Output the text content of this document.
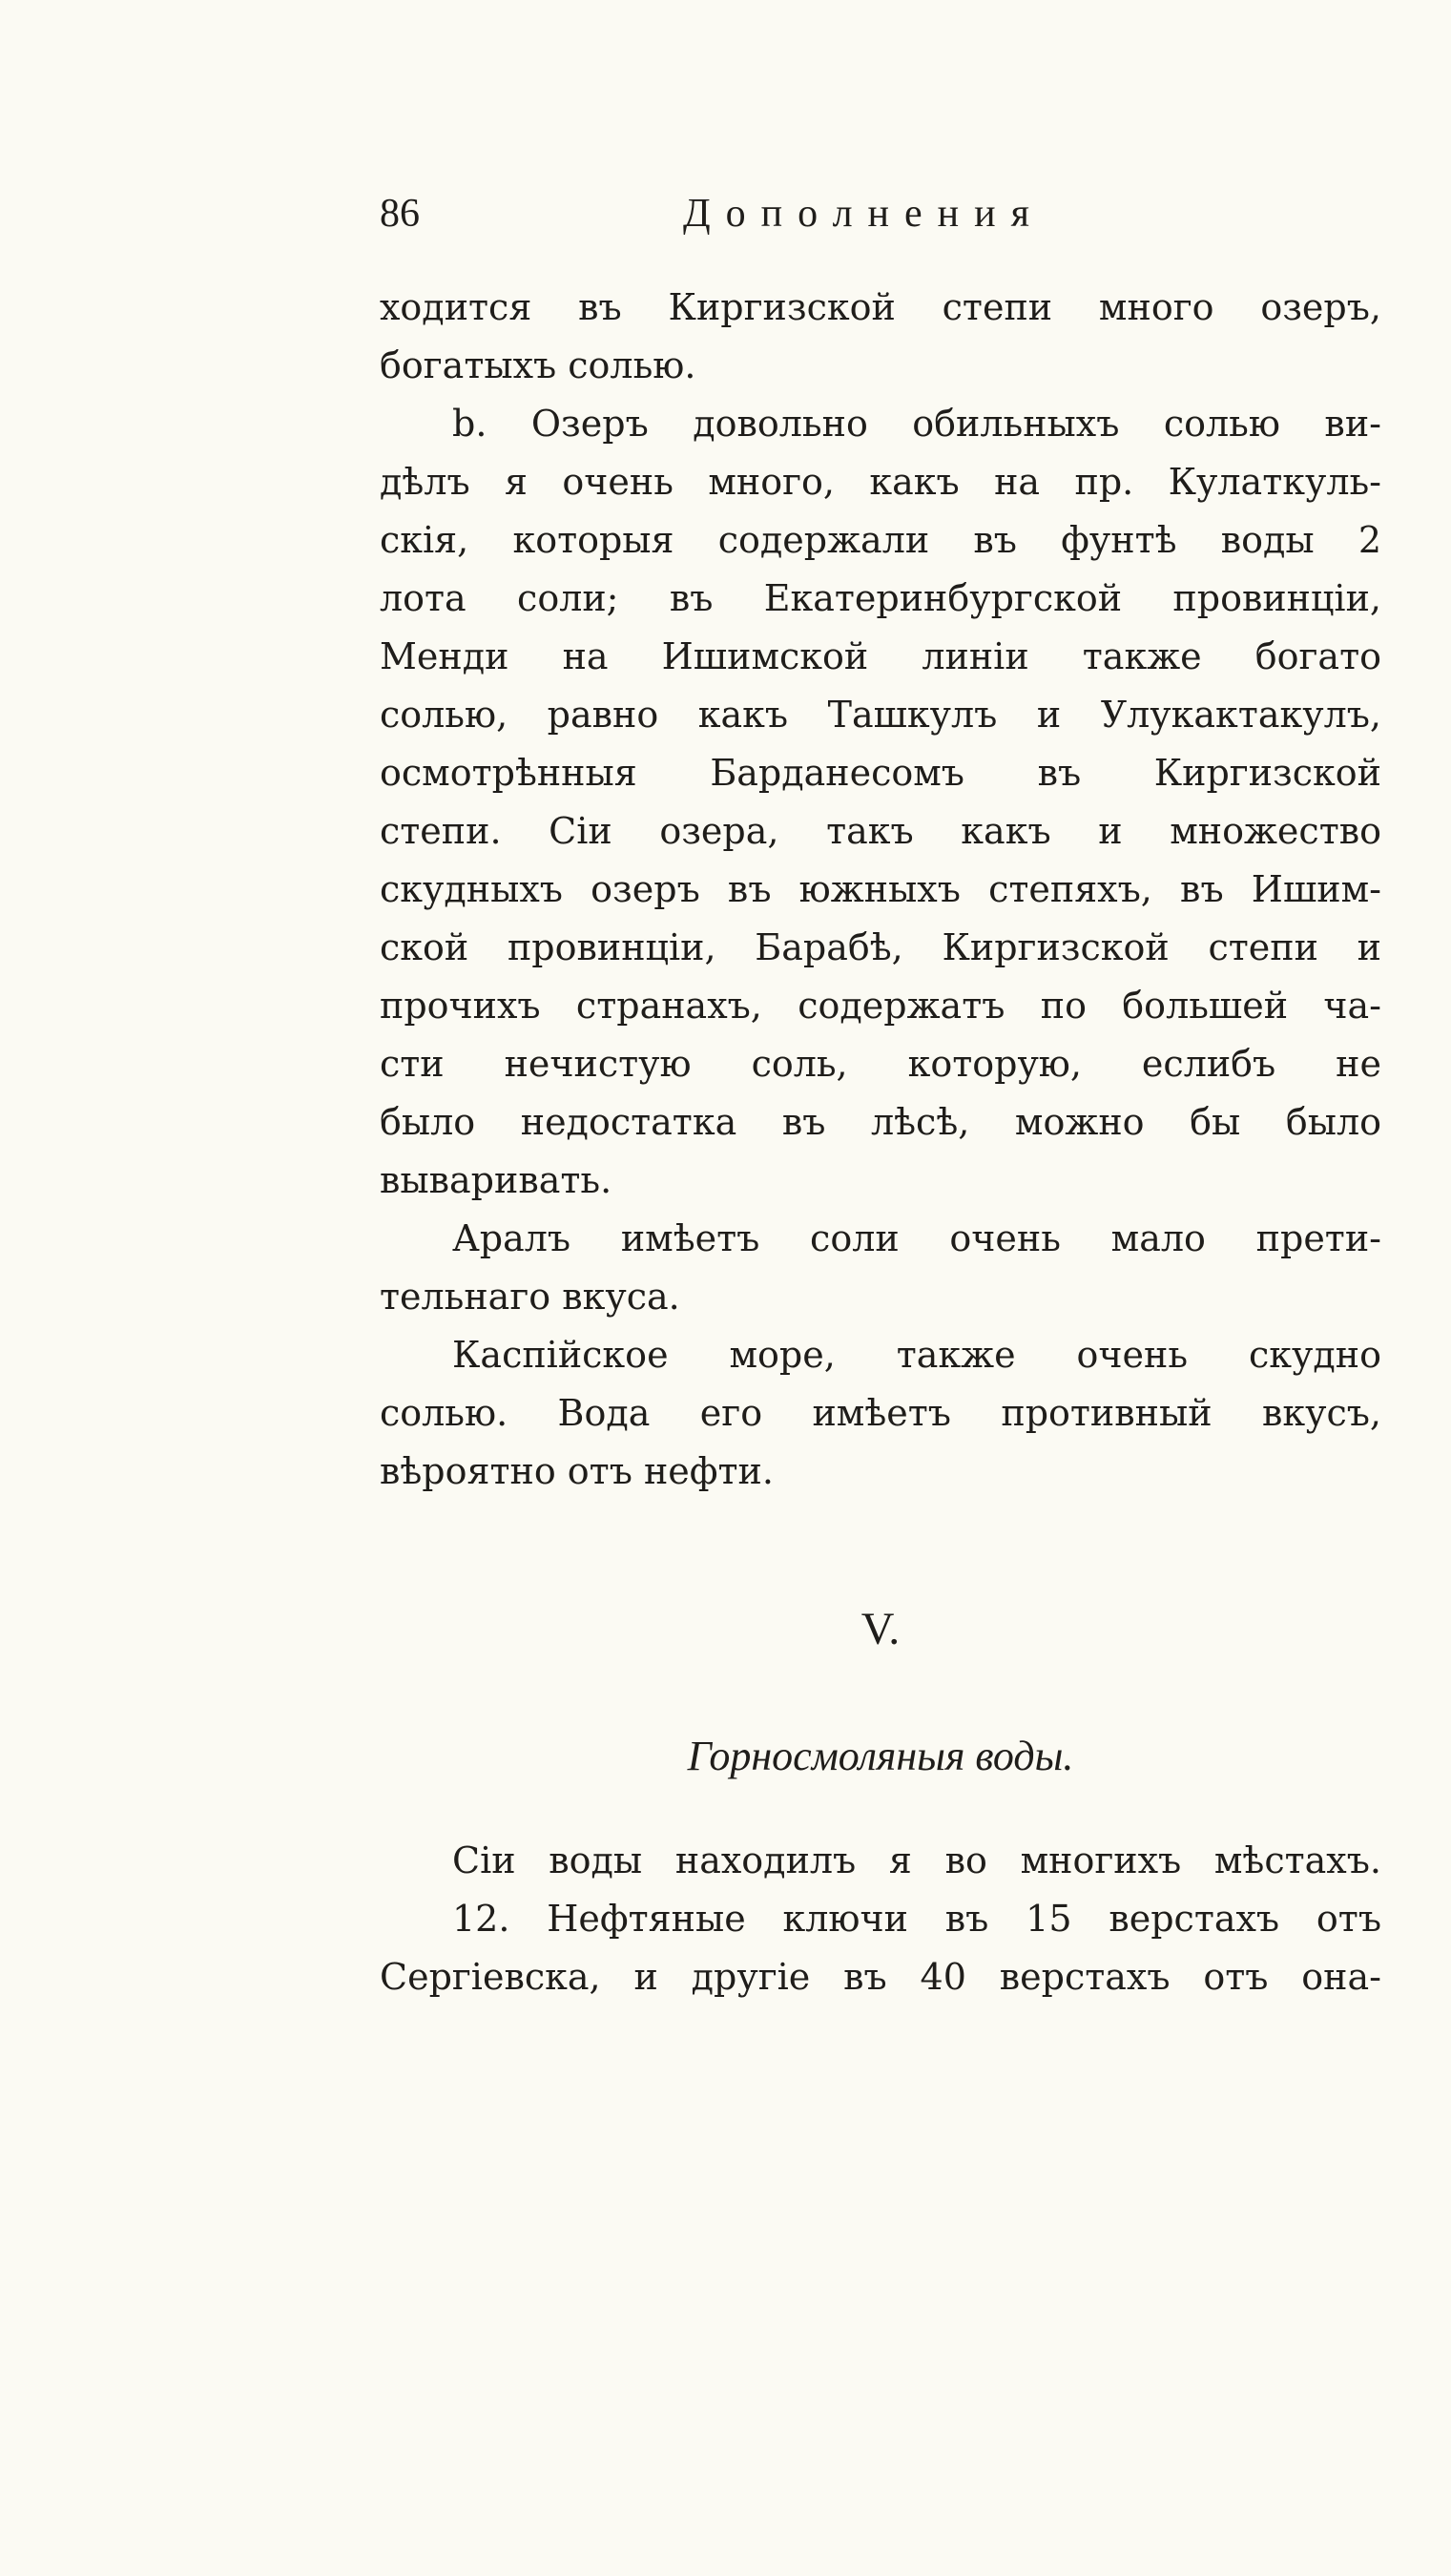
86	Дополнения
ходится въ Киргизской степи много озеръ,
богатыхъ солью.
b. Озеръ довольно обильныхъ солью ви-
дѣлъ я очень много, какъ на пр. Кулаткуль-
скія, которыя содержали въ фунтѣ воды 2
лота соли; въ Екатеринбургской провинціи,
Менди на Ишимской линіи также богато
солью, равно какъ Ташкулъ и Улукактакулъ,
осмотрѣнныя Барданесомъ въ Киргизской
степи. Сіи озера, такъ какъ и множество
скудныхъ озеръ въ южныхъ степяхъ, въ Ишим-
ской провинціи, Барабѣ, Киргизской степи и
прочихъ странахъ, содержатъ по большей ча-
сти нечистую соль, которую, еслибъ не
было недостатка въ лѣсѣ, можно бы было
вываривать.
Аралъ имѣетъ соли очень мало прети-
тельнаго вкуса.
Каспійское море, также очень скудно
солью. Вода его имѣетъ противный вкусъ,
вѣроятно отъ нефти.
V.
Горносмоляныя воды.
Сіи воды находилъ я во многихъ мѣстахъ.
12. Нефтяные ключи въ 15 верстахъ отъ
Сергіевска, и другіе въ 40 верстахъ отъ она-
